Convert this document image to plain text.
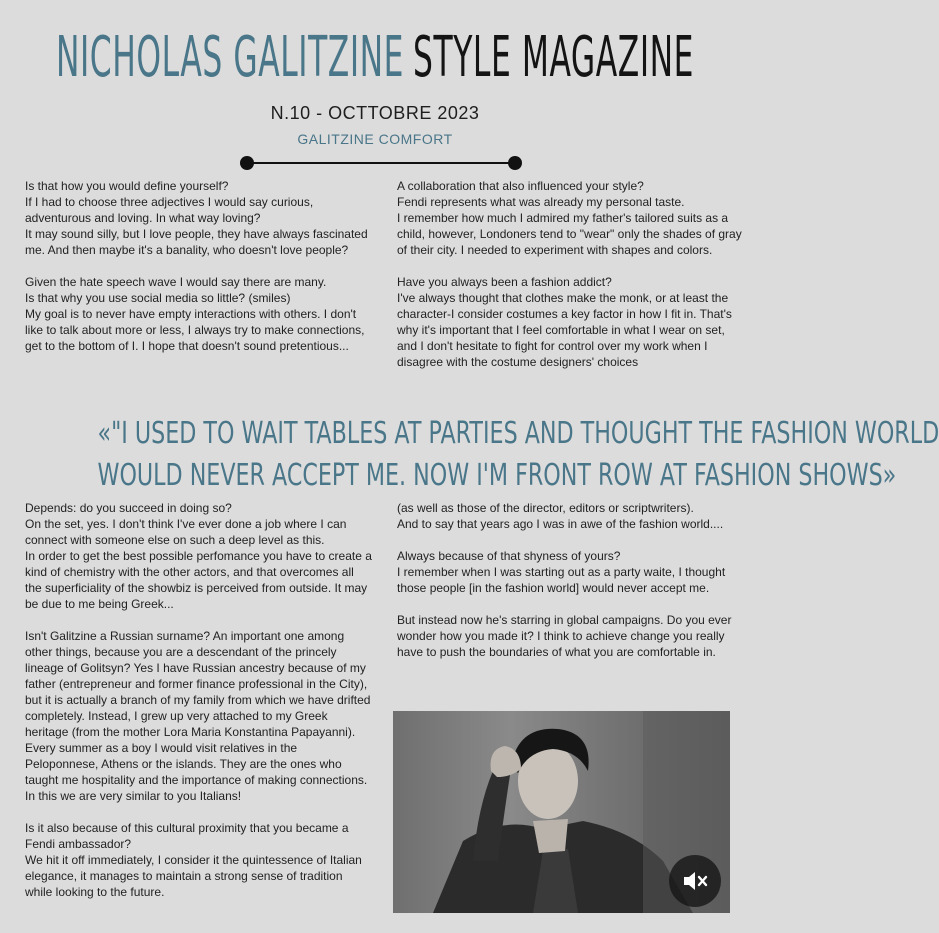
NICHOLAS GALITZINE STYLE MAGAZINE
N.10 - OCTTOBRE 2023
GALITZINE COMFORT

Is that how you would define yourself?
If I had to choose three adjectives I would say curious, adventurous and loving. In what way loving?
It may sound silly, but I love people, they have always fascinated me. And then maybe it's a banality, who doesn't love people?

Given the hate speech wave I would say there are many.
Is that why you use social media so little? (smiles)
My goal is to never have empty interactions with others. I don't like to talk about more or less, I always try to make connections, get to the bottom of I. I hope that doesn't sound pretentious...

A collaboration that also influenced your style?
Fendi represents what was already my personal taste.
I remember how much I admired my father's tailored suits as a child, however, Londoners tend to "wear" only the shades of gray of their city. I needed to experiment with shapes and colors.

Have you always been a fashion addict?
I've always thought that clothes make the monk, or at least the character-I consider costumes a key factor in how I fit in. That's why it's important that I feel comfortable in what I wear on set, and I don't hesitate to fight for control over my work when I disagree with the costume designers' choices

«"I USED TO WAIT TABLES AT PARTIES AND THOUGHT THE FASHION WORLD
WOULD NEVER ACCEPT ME. NOW I'M FRONT ROW AT FASHION SHOWS»

Depends: do you succeed in doing so?
On the set, yes. I don't think I've ever done a job where I can connect with someone else on such a deep level as this.
In order to get the best possible perfomance you have to create a kind of chemistry with the other actors, and that overcomes all the superficiality of the showbiz is perceived from outside. It may be due to me being Greek...

Isn't Galitzine a Russian surname? An important one among other things, because you are a descendant of the princely lineage of Golitsyn? Yes I have Russian ancestry because of my father (entrepreneur and former finance professional in the City), but it is actually a branch of my family from which we have drifted completely. Instead, I grew up very attached to my Greek heritage (from the mother Lora Maria Konstantina Papayanni). Every summer as a boy I would visit relatives in the Peloponnese, Athens or the islands. They are the ones who taught me hospitality and the importance of making connections. In this we are very similar to you Italians!

Is it also because of this cultural proximity that you became a Fendi ambassador?
We hit it off immediately, I consider it the quintessence of Italian elegance, it manages to maintain a strong sense of tradition while looking to the future.

(as well as those of the director, editors or scriptwriters).
And to say that years ago I was in awe of the fashion world....

Always because of that shyness of yours?
I remember when I was starting out as a party waite, I thought those people [in the fashion world] would never accept me.

But instead now he's starring in global campaigns. Do you ever wonder how you made it? I think to achieve change you really have to push the boundaries of what you are comfortable in.
